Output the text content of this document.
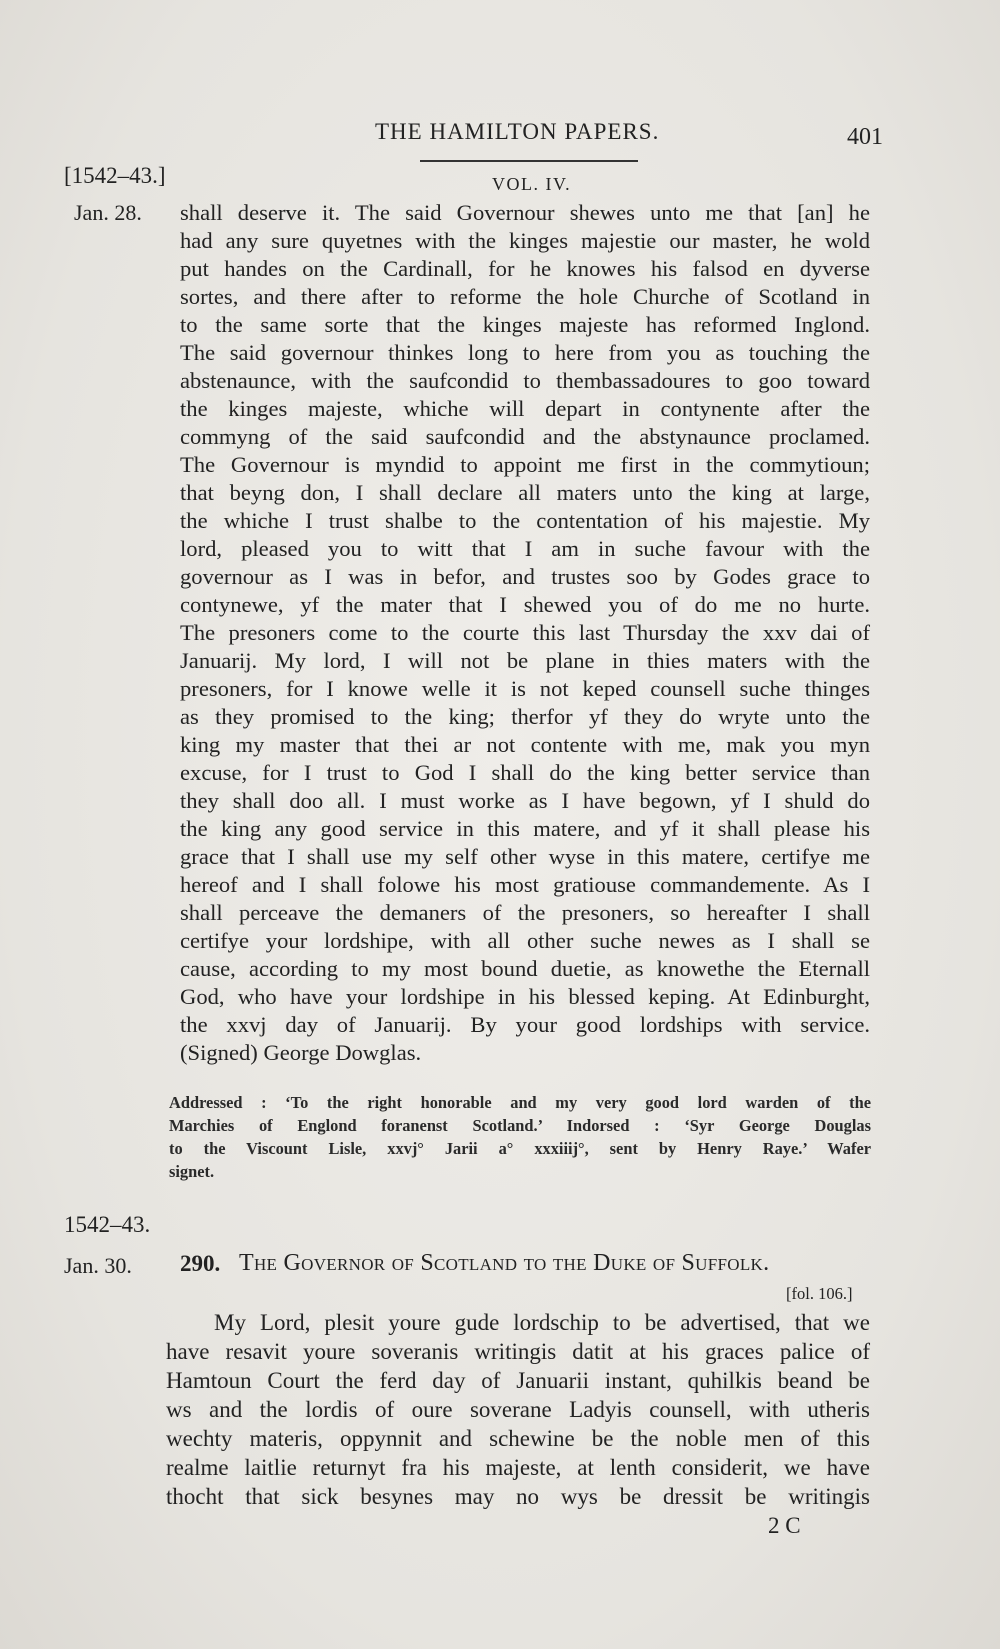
THE HAMILTON PAPERS.	401
[1542–43.]	VOL. IV.
Jan. 28. shall deserve it. The said Governour shewes unto me that [an] he
had any sure quyetnes with the kinges majestie our master, he wold
put handes on the Cardinall, for he knowes his falsod en dyverse
sortes, and there after to reforme the hole Churche of Scotland in
to the same sorte that the kinges majeste has reformed Inglond.
The said governour thinkes long to here from you as touching the
abstenaunce, with the saufcondid to thembassadoures to goo toward
the kinges majeste, whiche will depart in contynente after the
commyng of the said saufcondid and the abstynaunce proclamed.
The Governour is myndid to appoint me first in the commytioun;
that beyng don, I shall declare all maters unto the king at large,
the whiche I trust shalbe to the contentation of his majestie. My
lord, pleased you to witt that I am in suche favour with the
governour as I was in befor, and trustes soo by Godes grace to
contynewe, yf the mater that I shewed you of do me no hurte.
The presoners come to the courte this last Thursday the xxv dai of
Januarij. My lord, I will not be plane in thies maters with the
presoners, for I knowe welle it is not keped counsell suche thinges
as they promised to the king; therfor yf they do wryte unto the
king my master that thei ar not contente with me, mak you myn
excuse, for I trust to God I shall do the king better service than
they shall doo all. I must worke as I have begown, yf I shuld do
the king any good service in this matere, and yf it shall please his
grace that I shall use my self other wyse in this matere, certifye me
hereof and I shall folowe his most gratiouse commandemente. As I
shall perceave the demaners of the presoners, so hereafter I shall
certifye your lordshipe, with all other suche newes as I shall se
cause, according to my most bound duetie, as knowethe the Eternall
God, who have your lordshipe in his blessed keping. At Edinburght,
the xxvj day of Januarij. By your good lordships with service.
(Signed) George Dowglas.
Addressed : ‘To the right honorable and my very good lord warden of the
Marchies of Englond foranenst Scotland.’ Indorsed : ‘Syr George Douglas
to the Viscount Lisle, xxvj° Jarii a° xxxiiij°, sent by Henry Raye.’ Wafer
signet.
1542–43.
Jan. 30. 290. The Governor of Scotland to the Duke of Suffolk.
[fol. 106.]
My Lord, plesit youre gude lordschip to be advertised, that we
have resavit youre soveranis writingis datit at his graces palice of
Hamtoun Court the ferd day of Januarii instant, quhilkis beand be
ws and the lordis of oure soverane Ladyis counsell, with utheris
wechty materis, oppynnit and schewine be the noble men of this
realme laitlie returnyt fra his majeste, at lenth considerit, we have
thocht that sick besynes may no wys be dressit be writingis
2 C
